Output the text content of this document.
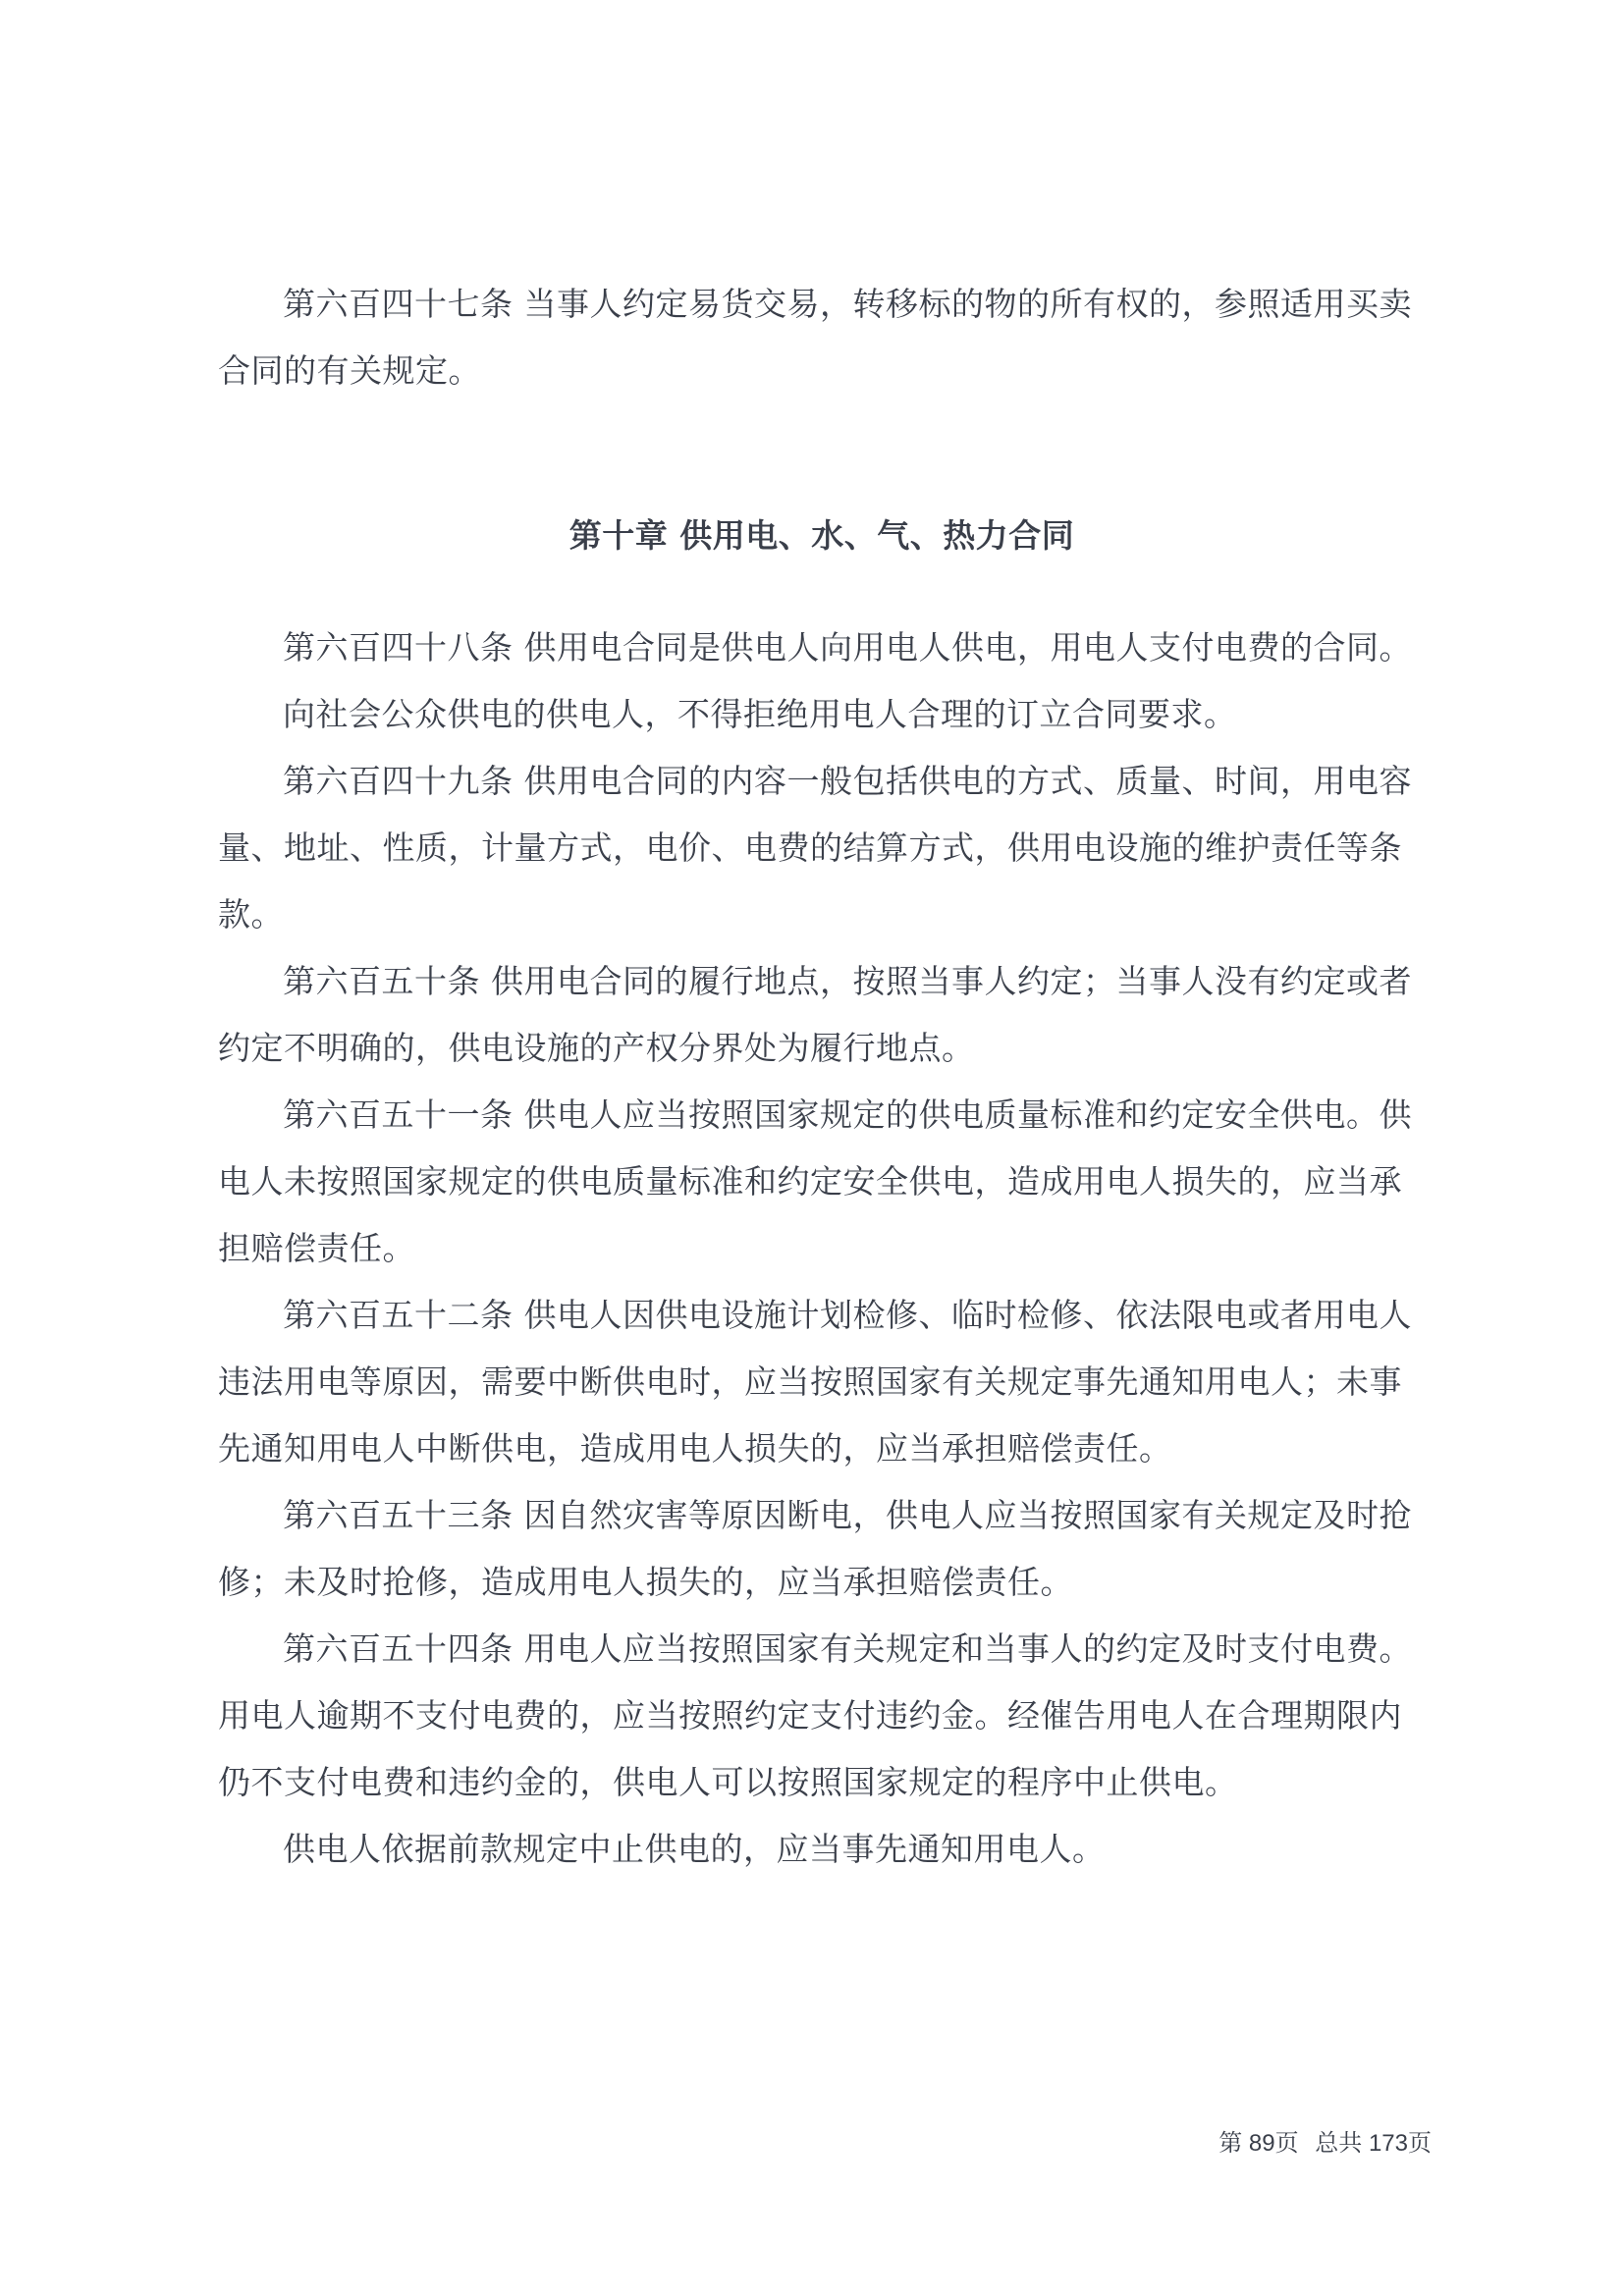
第六百四十七条 当事人约定易货交易，转移标的物的所有权的，参照适用买卖合同的有关规定。

第十章 供用电、水、气、热力合同

第六百四十八条 供用电合同是供电人向用电人供电，用电人支付电费的合同。

向社会公众供电的供电人，不得拒绝用电人合理的订立合同要求。

第六百四十九条 供用电合同的内容一般包括供电的方式、质量、时间，用电容量、地址、性质，计量方式，电价、电费的结算方式，供用电设施的维护责任等条款。

第六百五十条 供用电合同的履行地点，按照当事人约定；当事人没有约定或者约定不明确的，供电设施的产权分界处为履行地点。

第六百五十一条 供电人应当按照国家规定的供电质量标准和约定安全供电。供电人未按照国家规定的供电质量标准和约定安全供电，造成用电人损失的，应当承担赔偿责任。

第六百五十二条 供电人因供电设施计划检修、临时检修、依法限电或者用电人违法用电等原因，需要中断供电时，应当按照国家有关规定事先通知用电人；未事先通知用电人中断供电，造成用电人损失的，应当承担赔偿责任。

第六百五十三条 因自然灾害等原因断电，供电人应当按照国家有关规定及时抢修；未及时抢修，造成用电人损失的，应当承担赔偿责任。

第六百五十四条 用电人应当按照国家有关规定和当事人的约定及时支付电费。用电人逾期不支付电费的，应当按照约定支付违约金。经催告用电人在合理期限内仍不支付电费和违约金的，供电人可以按照国家规定的程序中止供电。

供电人依据前款规定中止供电的，应当事先通知用电人。

第 89页 总共 173页
